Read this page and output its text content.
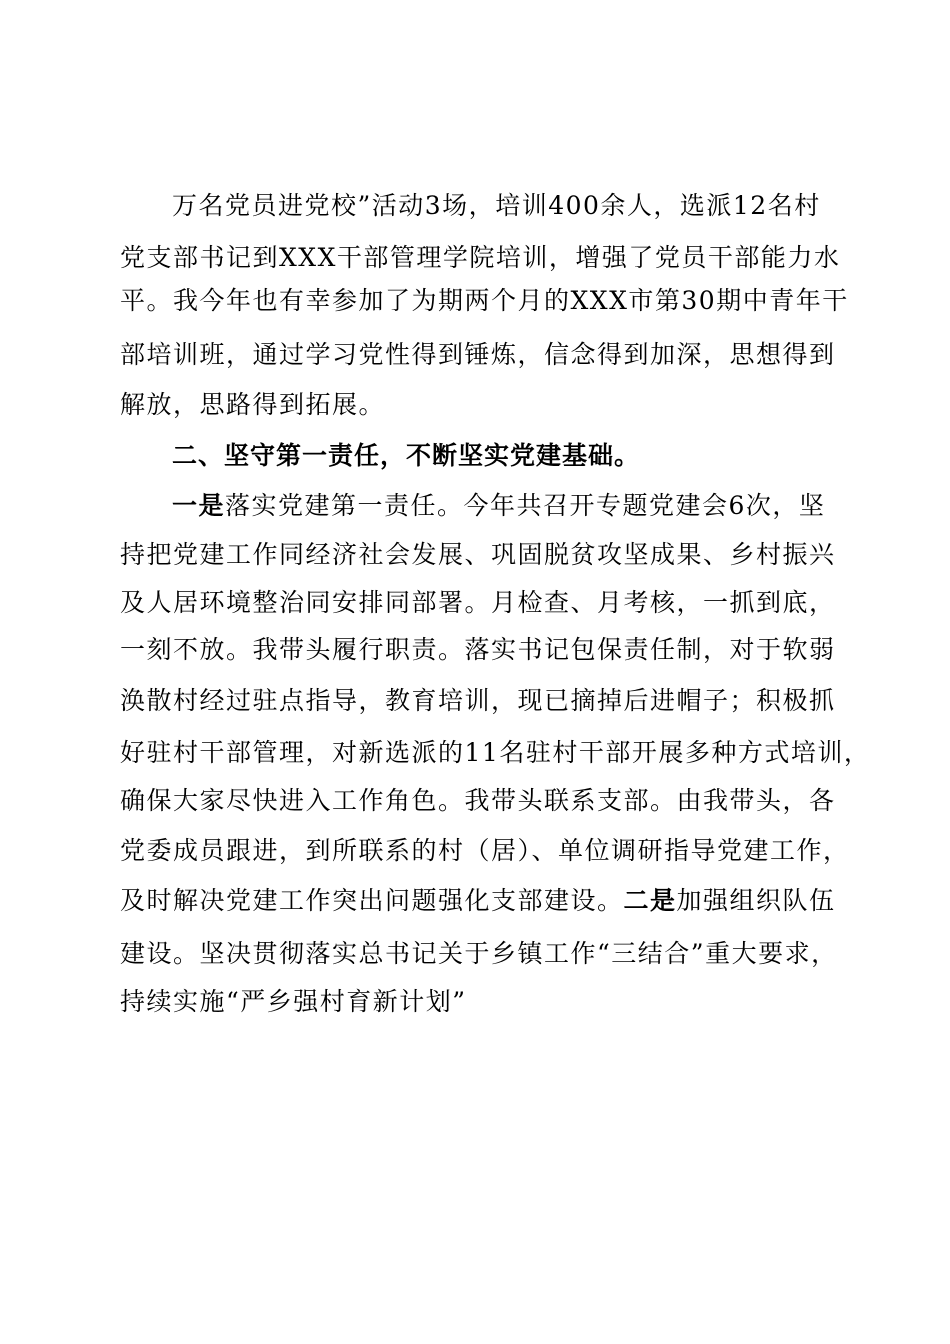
万名党员进党校”活动3场，培训400余人，选派12名村
党支部书记到XXX干部管理学院培训，增强了党员干部能力水
平。我今年也有幸参加了为期两个月的XXX市第30期中青年干
部培训班，通过学习党性得到锤炼，信念得到加深，思想得到
解放，思路得到拓展。
二、坚守第一责任，不断坚实党建基础。
一是落实党建第一责任。今年共召开专题党建会6次，坚
持把党建工作同经济社会发展、巩固脱贫攻坚成果、乡村振兴
及人居环境整治同安排同部署。月检查、月考核，一抓到底，
一刻不放。我带头履行职责。落实书记包保责任制，对于软弱
涣散村经过驻点指导，教育培训，现已摘掉后进帽子；积极抓
好驻村干部管理，对新选派的11名驻村干部开展多种方式培训，
确保大家尽快进入工作角色。我带头联系支部。由我带头，各
党委成员跟进，到所联系的村（居）、单位调研指导党建工作，
及时解决党建工作突出问题强化支部建设。二是加强组织队伍
建设。坚决贯彻落实总书记关于乡镇工作“三结合”重大要求，
持续实施“严乡强村育新计划”
